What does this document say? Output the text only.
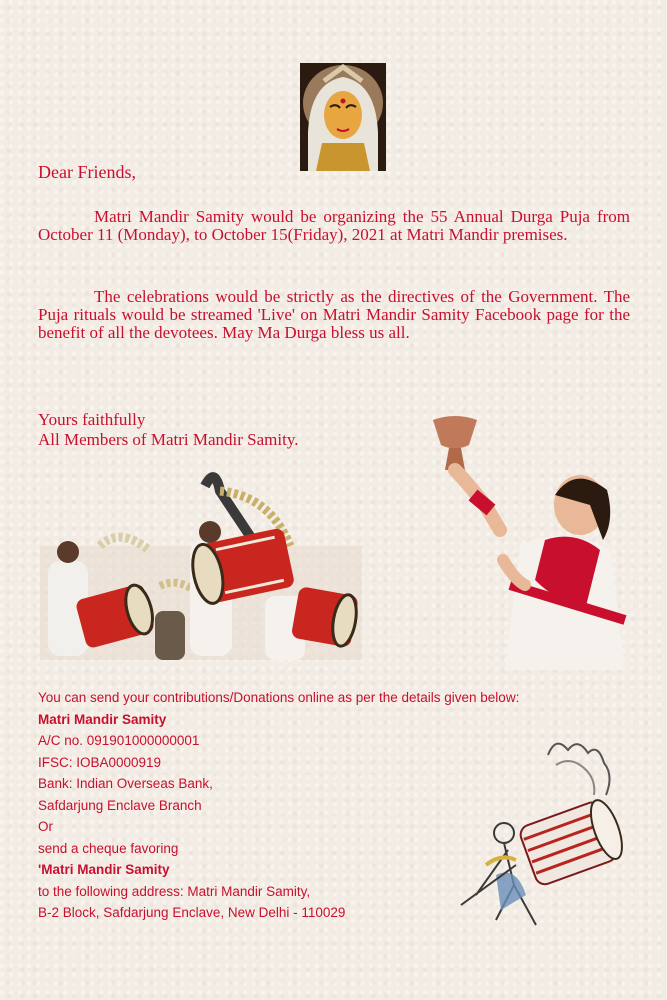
Dear Friends,

Matri Mandir Samity would be organizing the 55 Annual Durga Puja from October 11 (Monday), to October 15(Friday), 2021 at Matri Mandir premises.

The celebrations would be strictly as the directives of the Government. The Puja rituals would be streamed 'Live' on Matri Mandir Samity Facebook page for the benefit of all the devotees. May Ma Durga bless us all.

Yours faithfully
All Members of Matri Mandir Samity.
You can send your contributions/Donations online as per the details given below:
Matri Mandir Samity
A/C no. 091901000000001
IFSC: IOBA0000919
Bank: Indian Overseas Bank,
Safdarjung Enclave Branch
Or
send a cheque favoring
'Matri Mandir Samity
to the following address: Matri Mandir Samity,
B-2 Block, Safdarjung Enclave, New Delhi - 110029
